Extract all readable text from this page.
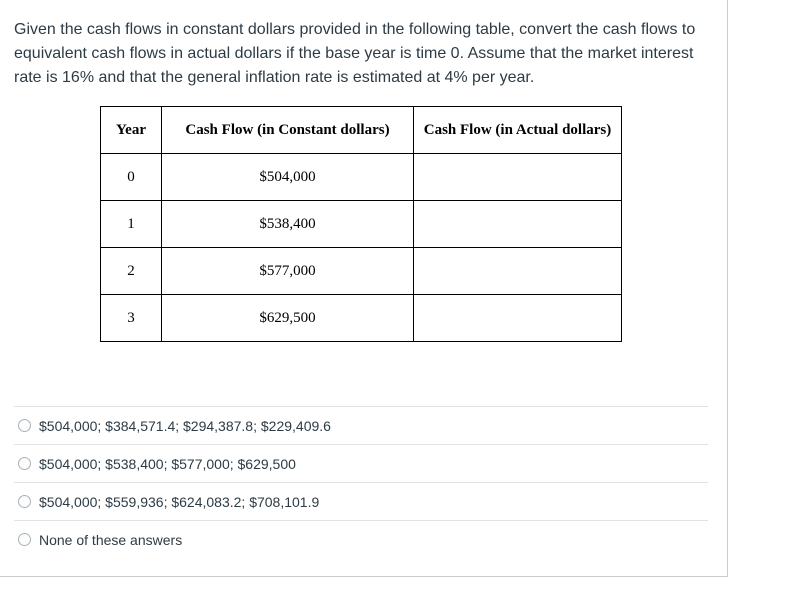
Given the cash flows in constant dollars provided in the following table, convert the cash flows to equivalent cash flows in actual dollars if the base year is time 0. Assume that the market interest rate is 16% and that the general inflation rate is estimated at 4% per year.

Year	Cash Flow (in Constant dollars)	Cash Flow (in Actual dollars)
0	$504,000	
1	$538,400	
2	$577,000	
3	$629,500	
$504,000; $384,571.4; $294,387.8; $229,409.6
$504,000; $538,400; $577,000; $629,500
$504,000; $559,936; $624,083.2; $708,101.9
None of these answers
